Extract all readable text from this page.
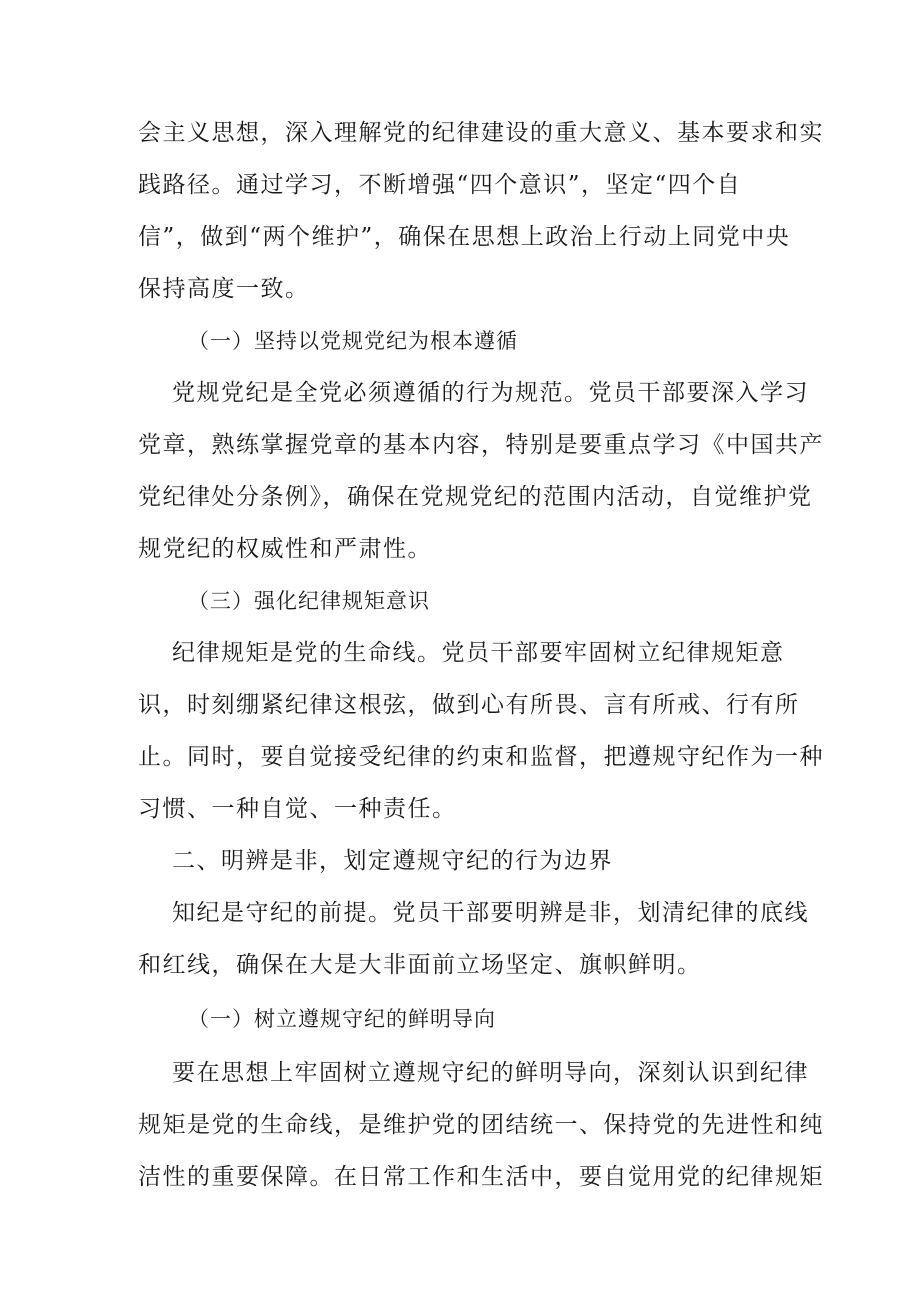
会主义思想，深入理解党的纪律建设的重大意义、基本要求和实
践路径。通过学习，不断增强“四个意识”，坚定“四个自
信”，做到“两个维护”，确保在思想上政治上行动上同党中央
保持高度一致。
（一）坚持以党规党纪为根本遵循
党规党纪是全党必须遵循的行为规范。党员干部要深入学习
党章，熟练掌握党章的基本内容，特别是要重点学习《中国共产
党纪律处分条例》，确保在党规党纪的范围内活动，自觉维护党
规党纪的权威性和严肃性。
（三）强化纪律规矩意识
纪律规矩是党的生命线。党员干部要牢固树立纪律规矩意
识，时刻绷紧纪律这根弦，做到心有所畏、言有所戒、行有所
止。同时，要自觉接受纪律的约束和监督，把遵规守纪作为一种
习惯、一种自觉、一种责任。
二、明辨是非，划定遵规守纪的行为边界
知纪是守纪的前提。党员干部要明辨是非，划清纪律的底线
和红线，确保在大是大非面前立场坚定、旗帜鲜明。
（一）树立遵规守纪的鲜明导向
要在思想上牢固树立遵规守纪的鲜明导向，深刻认识到纪律
规矩是党的生命线，是维护党的团结统一、保持党的先进性和纯
洁性的重要保障。在日常工作和生活中，要自觉用党的纪律规矩
